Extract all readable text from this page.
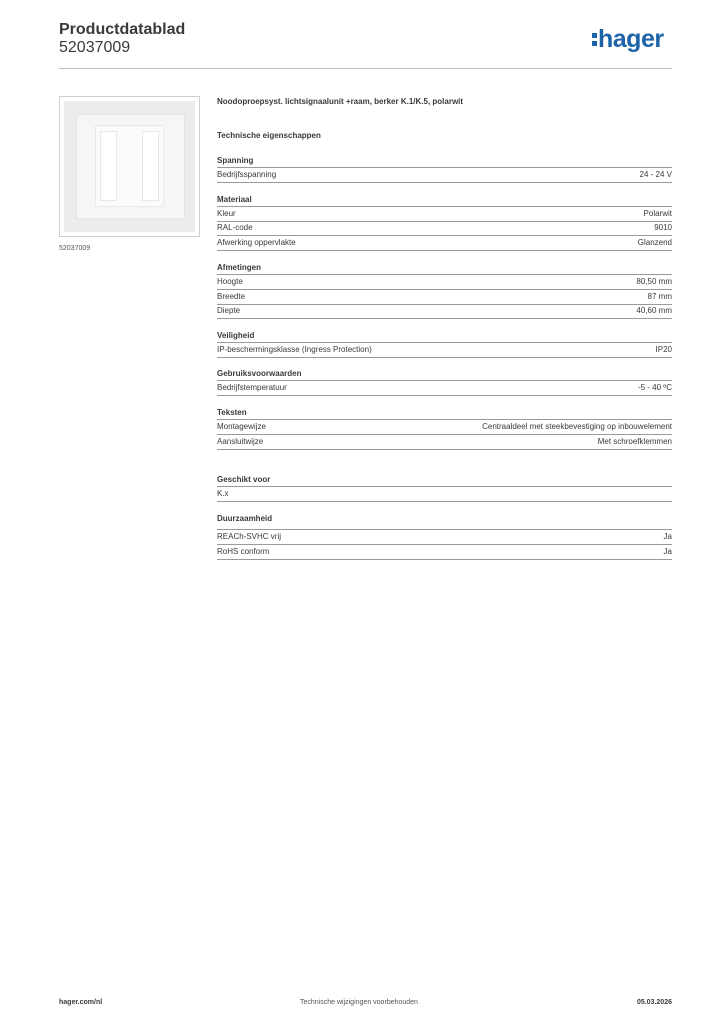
Productdatablad
52037009	hager
52037009
Noodoproepsyst. lichtsignaalunit +raam, berker K.1/K.5, polarwit
Technische eigenschappen
Spanning
Bedrijfsspanning	24 - 24 V
Materiaal
Kleur	Polarwit
RAL-code	9010
Afwerking oppervlakte	Glanzend
Afmetingen
Hoogte	80,50 mm
Breedte	87 mm
Diepte	40,60 mm
Veiligheid
IP-beschermingsklasse (Ingress Protection)	IP20
Gebruiksvoorwaarden
Bedrijfstemperatuur	-5 - 40 ºC
Teksten
Montagewijze	Centraaldeel met steekbevestiging op inbouwelement
Aansluitwijze	Met schroefklemmen
Geschikt voor
K.x
Duurzaamheid
REACh-SVHC vrij	Ja
RoHS conform	Ja
hager.com/nl	Technische wijzigingen voorbehouden	05.03.2026
